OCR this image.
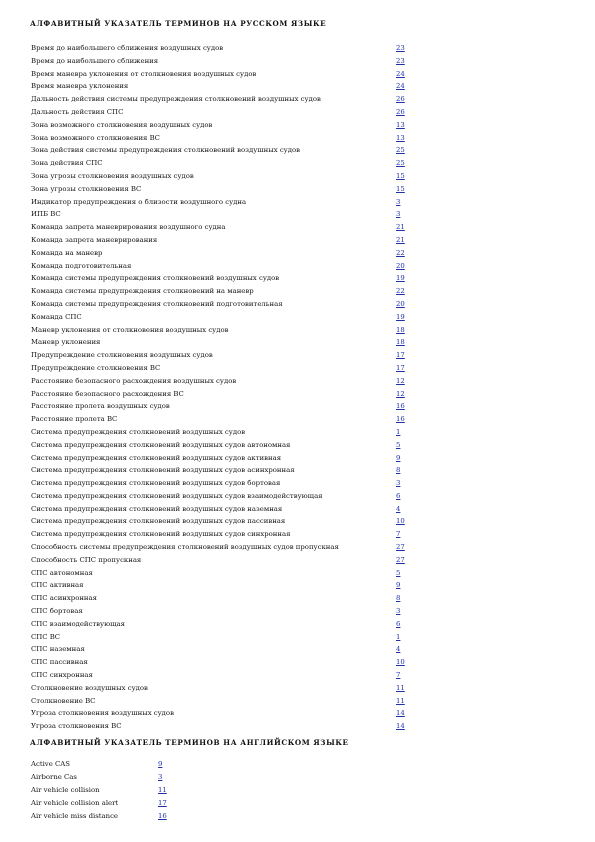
АЛФАВИТНЫЙ УКАЗАТЕЛЬ ТЕРМИНОВ НА РУССКОМ ЯЗЫКЕ
Время до наибольшего сближения воздушных судов	23
Время до наибольшего сближения	23
Время маневра уклонения от столкновения воздушных судов	24
Время маневра уклонения	24
Дальность действия системы предупреждения столкновений воздушных судов	26
Дальность действия СПС	26
Зона возможного столкновения воздушных судов	13
Зона возможного столкновения ВС	13
Зона действия системы предупреждения столкновений воздушных судов	25
Зона действия СПС	25
Зона угрозы столкновения воздушных судов	15
Зона угрозы столкновения ВС	15
Индикатор предупреждения о близости воздушного судна	3
ИПБ ВС	3
Команда запрета маневрирования воздушного судна	21
Команда запрета маневрирования	21
Команда на маневр	22
Команда подготовительная	20
Команда системы предупреждения столкновений воздушных судов	19
Команда системы предупреждения столкновений на маневр	22
Команда системы предупреждения столкновений подготовительная	20
Команда СПС	19
Маневр уклонения от столкновения воздушных судов	18
Маневр уклонения	18
Предупреждение столкновения воздушных судов	17
Предупреждение столкновения ВС	17
Расстояние безопасного расхождения воздушных судов	12
Расстояние безопасного расхождения ВС	12
Расстояние пролета воздушных судов	16
Расстояние пролета ВС	16
Система предупреждения столкновений воздушных судов	1
Система предупреждения столкновений воздушных судов автономная	5
Система предупреждения столкновений воздушных судов активная	9
Система предупреждения столкновений воздушных судов асинхронная	8
Система предупреждения столкновений воздушных судов бортовая	3
Система предупреждения столкновений воздушных судов взаимодействующая	6
Система предупреждения столкновений воздушных судов наземная	4
Система предупреждения столкновений воздушных судов пассивная	10
Система предупреждения столкновений воздушных судов синхронная	7
Способность системы предупреждения столкновений воздушных судов пропускная	27
Способность СПС пропускная	27
СПС автономная	5
СПС активная	9
СПС асинхронная	8
СПС бортовая	3
СПС взаимодействующая	6
СПС ВС	1
СПС наземная	4
СПС пассивная	10
СПС синхронная	7
Столкновение воздушных судов	11
Столкновение ВС	11
Угроза столкновения воздушных судов	14
Угроза столкновения ВС	14
АЛФАВИТНЫЙ УКАЗАТЕЛЬ ТЕРМИНОВ НА АНГЛИЙСКОМ ЯЗЫКЕ
Active CAS	9
Airborne Cas	3
Air vehicle collision	11
Air vehicle collision alert	17
Air vehicle miss distance	16
